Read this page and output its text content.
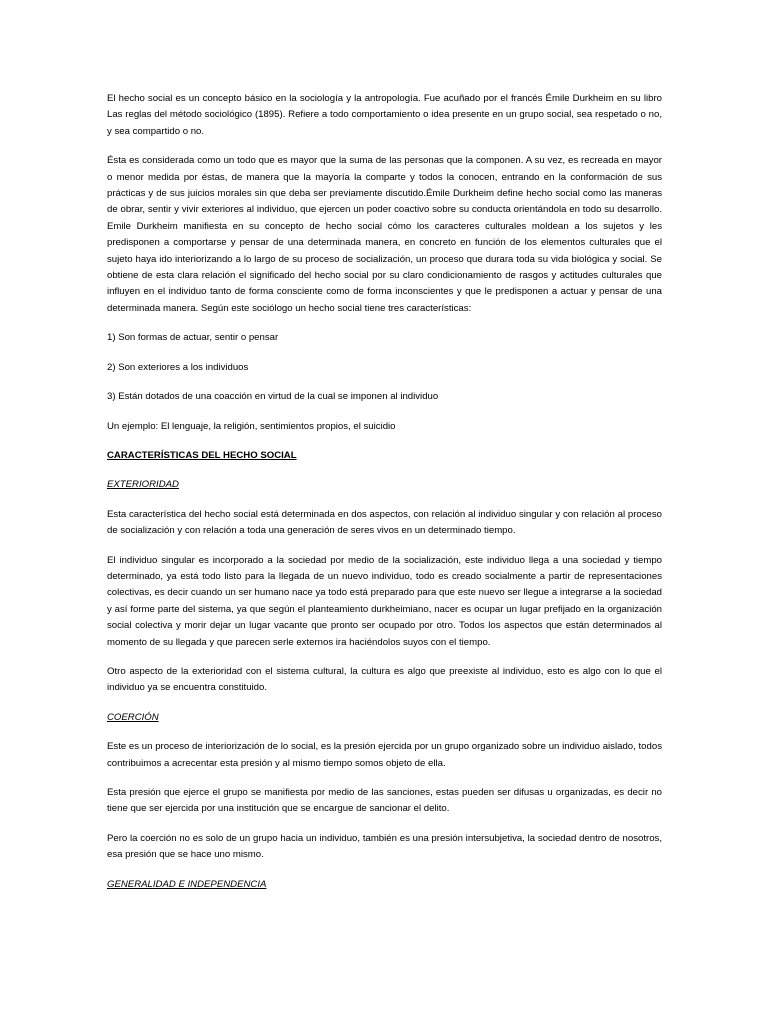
El hecho social es un concepto básico en la sociología y la antropología. Fue acuñado por el francés Émile Durkheim en su libro Las reglas del método sociológico (1895). Refiere a todo comportamiento o idea presente en un grupo social, sea respetado o no, y sea compartido o no.

Ésta es considerada como un todo que es mayor que la suma de las personas que la componen. A su vez, es recreada en mayor o menor medida por éstas, de manera que la mayoría la comparte y todos la conocen, entrando en la conformación de sus prácticas y de sus juicios morales sin que deba ser previamente discutido.Émile Durkheim define hecho social como las maneras de obrar, sentir y vivir exteriores al individuo, que ejercen un poder coactivo sobre su conducta orientándola en todo su desarrollo. Emile Durkheim manifiesta en su concepto de hecho social cómo los caracteres culturales moldean a los sujetos y les predisponen a comportarse y pensar de una determinada manera, en concreto en función de los elementos culturales que el sujeto haya ido interiorizando a lo largo de su proceso de socialización, un proceso que durara toda su vida biológica y social. Se obtiene de esta clara relación el significado del hecho social por su claro condicionamiento de rasgos y actitudes culturales que influyen en el individuo tanto de forma consciente como de forma inconscientes y que le predisponen a actuar y pensar de una determinada manera. Según este sociólogo un hecho social tiene tres características:

1) Son formas de actuar, sentir o pensar

2) Son exteriores a los individuos

3) Están dotados de una coacción en virtud de la cual se imponen al individuo

Un ejemplo: El lenguaje, la religión, sentimientos propios, el suicidio

CARACTERÍSTICAS DEL HECHO SOCIAL
EXTERIORIDAD

Esta característica del hecho social está determinada en dos aspectos, con relación al individuo singular y con relación al proceso de socialización y con relación a toda una generación de seres vivos en un determinado tiempo.

El individuo singular es incorporado a la sociedad por medio de la socialización, este individuo llega a una sociedad y tiempo determinado, ya está todo listo para la llegada de un nuevo individuo, todo es creado socialmente a partir de representaciones colectivas, es decir cuando un ser humano nace ya todo está preparado para que este nuevo ser llegue a integrarse a la sociedad y así forme parte del sistema, ya que según el planteamiento durkheimiano, nacer es ocupar un lugar prefijado en la organización social colectiva y morir dejar un lugar vacante que pronto ser ocupado por otro. Todos los aspectos que están determinados al momento de su llegada y que parecen serle externos ira haciéndolos suyos con el tiempo.

Otro aspecto de la exterioridad con el sistema cultural, la cultura es algo que preexiste al individuo, esto es algo con lo que el individuo ya se encuentra constituido.

COERCIÓN

Este es un proceso de interiorización de lo social, es la presión ejercida por un grupo organizado sobre un individuo aislado, todos contribuimos a acrecentar esta presión y al mismo tiempo somos objeto de ella.

Esta presión que ejerce el grupo se manifiesta por medio de las sanciones, estas pueden ser difusas u organizadas, es decir no tiene que ser ejercida por una institución que se encargue de sancionar el delito.

Pero la coerción no es solo de un grupo hacia un individuo, también es una presión intersubjetiva, la sociedad dentro de nosotros, esa presión que se hace uno mismo.

GENERALIDAD E INDEPENDENCIA
